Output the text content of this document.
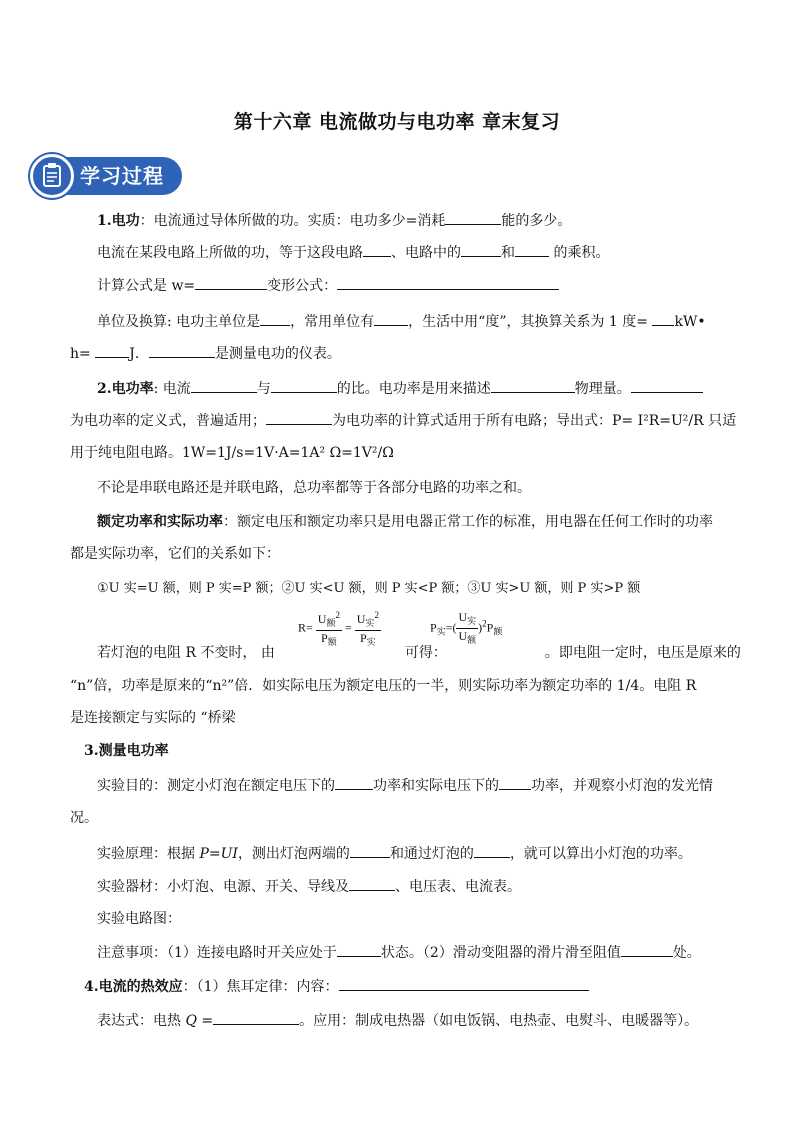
第十六章 电流做功与电功率 章末复习
学习过程
1.电功：电流通过导体所做的功。实质：电功多少=消耗	能的多少。
电流在某段电路上所做的功，等于这段电路 、电路中的	和 的乘积。
计算公式是 w=	变形公式：
单位及换算: 电功主单位是 ，常用单位有 ，生活中用“度”，其换算关系为 1 度= kW•
h= J．	是测量电功的仪表。
2.电功率: 电流	与	的比。电功率是用来描述	物理量。
为电功率的定义式，普遍适用；	为电功率的计算式适用于所有电路；导出式：P= I²R=U²/R 只适
用于纯电阻电路。1W=1J/s=1V·A=1A² Ω=1V²/Ω
不论是串联电路还是并联电路，总功率都等于各部分电路的功率之和。
额定功率和实际功率：额定电压和额定功率只是用电器正常工作的标准，用电器在任何工作时的功率
都是实际功率，它们的关系如下：
①U 实=U 额，则 P 实=P 额；②U 实<U 额，则 P 实<P 额；③U 实>U 额，则 P 实>P 额
$R= \frac{U_额^2}{P_额} = \frac{U_实^2}{P_实}$	$P_实=( \frac{U_实}{U_额} )^2P_额$
若灯泡的电阻 R 不变时， 由	可得：	。即电阻一定时，电压是原来的
“n”倍，功率是原来的“n²”倍．如实际电压为额定电压的一半，则实际功率为额定功率的 1/4。电阻 R
是连接额定与实际的 “桥梁
3.测量电功率
实验目的：测定小灯泡在额定电压下的	功率和实际电压下的 功率，并观察小灯泡的发光情
况。
实验原理：根据 P=UI，测出灯泡两端的	和通过灯泡的	，就可以算出小灯泡的功率。
实验器材：小灯泡、电源、开关、导线及	、电压表、电流表。
实验电路图：
注意事项：（1）连接电路时开关应处于	状态。（2）滑动变阻器的滑片滑至阻值	处。
4.电流的热效应：（1）焦耳定律：内容：
表达式：电热 Q =	。应用：制成电热器（如电饭锅、电热壶、电熨斗、电暖器等）。
